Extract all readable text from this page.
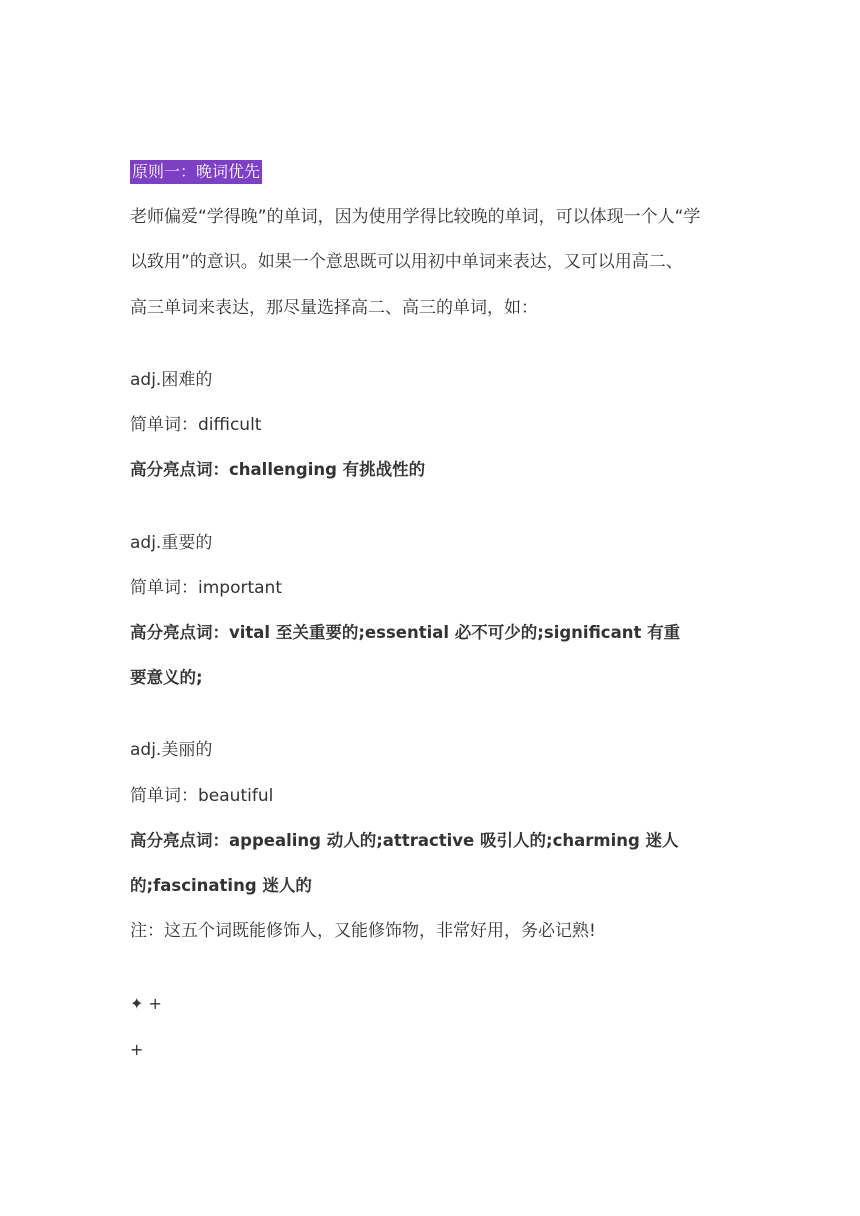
原则一：晚词优先
老师偏爱“学得晚”的单词，因为使用学得比较晚的单词，可以体现一个人“学
以致用”的意识。如果一个意思既可以用初中单词来表达，又可以用高二、
高三单词来表达，那尽量选择高二、高三的单词，如：
adj.困难的
简单词：difficult
高分亮点词：challenging 有挑战性的
adj.重要的
简单词：important
高分亮点词：vital 至关重要的;essential 必不可少的;significant 有重
要意义的;
adj.美丽的
简单词：beautiful
高分亮点词：appealing 动人的;attractive 吸引人的;charming 迷人
的;fascinating 迷人的
注：这五个词既能修饰人，又能修饰物，非常好用，务必记熟!
✦ +
+
